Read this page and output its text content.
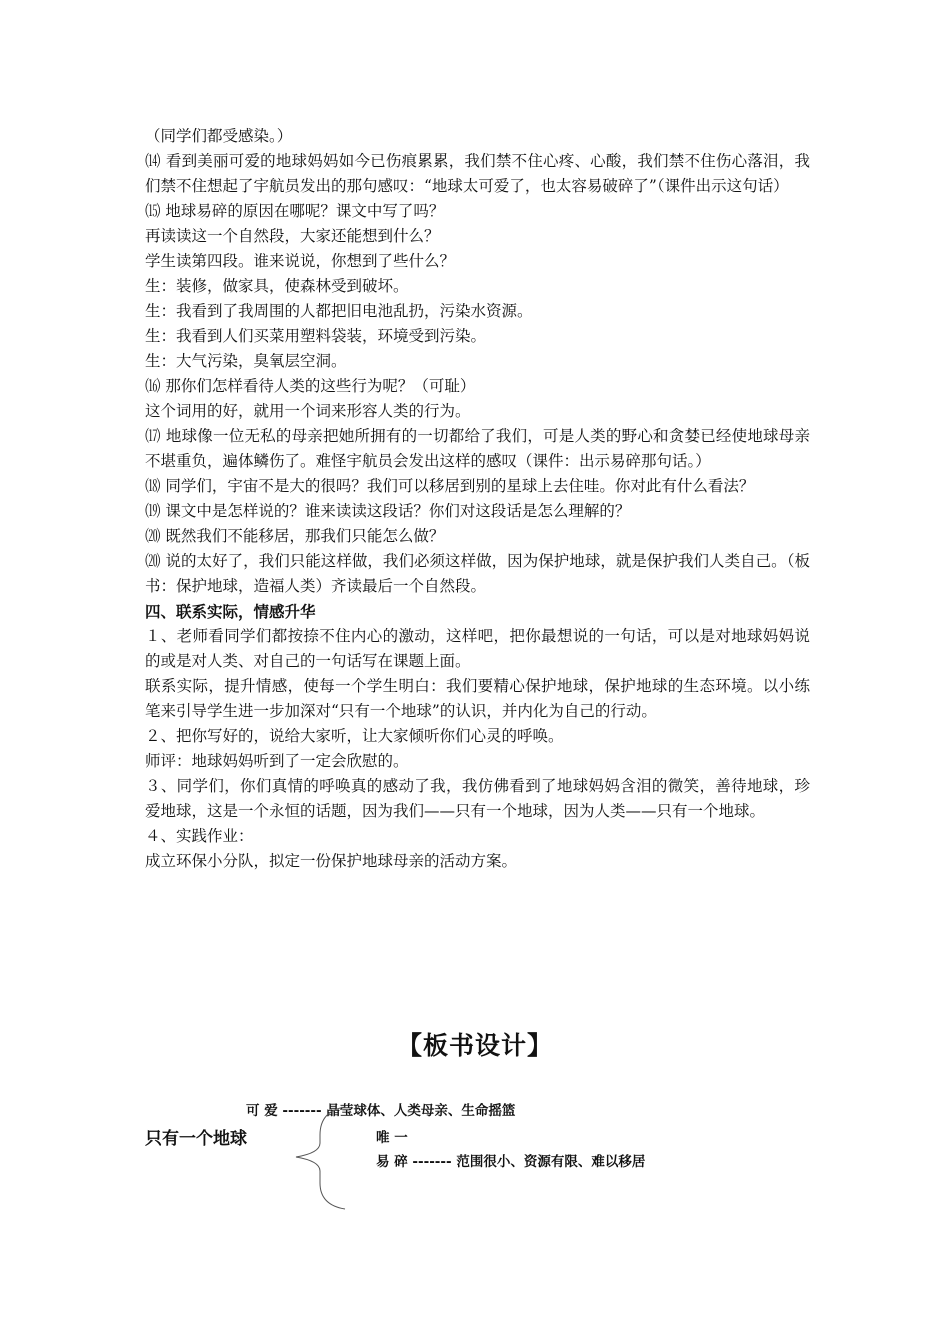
（同学们都受感染。）
⒁ 看到美丽可爱的地球妈妈如今已伤痕累累，我们禁不住心疼、心酸，我们禁不住伤心落泪，我们禁不住想起了宇航员发出的那句感叹：“地球太可爱了，也太容易破碎了”（课件出示这句话）
⒂ 地球易碎的原因在哪呢？课文中写了吗？
再读读这一个自然段，大家还能想到什么？
学生读第四段。谁来说说，你想到了些什么？
生：装修，做家具，使森林受到破坏。
生：我看到了我周围的人都把旧电池乱扔，污染水资源。
生：我看到人们买菜用塑料袋装，环境受到污染。
生：大气污染，臭氧层空洞。
⒃ 那你们怎样看待人类的这些行为呢？（可耻）
这个词用的好，就用一个词来形容人类的行为。
⒄ 地球像一位无私的母亲把她所拥有的一切都给了我们，可是人类的野心和贪婪已经使地球母亲不堪重负，遍体鳞伤了。难怪宇航员会发出这样的感叹（课件：出示易碎那句话。）
⒅ 同学们，宇宙不是大的很吗？我们可以移居到别的星球上去住哇。你对此有什么看法？
⒆ 课文中是怎样说的？谁来读读这段话？你们对这段话是怎么理解的？
⒇ 既然我们不能移居，那我们只能怎么做？
⒇ 说的太好了，我们只能这样做，我们必须这样做，因为保护地球，就是保护我们人类自己。（板书：保护地球，造福人类）齐读最后一个自然段。
四、联系实际，情感升华
１、老师看同学们都按捺不住内心的激动，这样吧，把你最想说的一句话，可以是对地球妈妈说的或是对人类、对自己的一句话写在课题上面。
联系实际，提升情感，使每一个学生明白：我们要精心保护地球，保护地球的生态环境。以小练笔来引导学生进一步加深对“只有一个地球”的认识，并内化为自己的行动。
２、把你写好的，说给大家听，让大家倾听你们心灵的呼唤。
师评：地球妈妈听到了一定会欣慰的。
３、同学们，你们真情的呼唤真的感动了我，我仿佛看到了地球妈妈含泪的微笑，善待地球，珍爱地球，这是一个永恒的话题，因为我们——只有一个地球，因为人类——只有一个地球。
４、实践作业：
成立环保小分队，拟定一份保护地球母亲的活动方案。
【板书设计】
可 爱 ------- 晶莹球体、人类母亲、生命摇篮
只有一个地球	唯 一
易 碎 ------- 范围很小、资源有限、难以移居
